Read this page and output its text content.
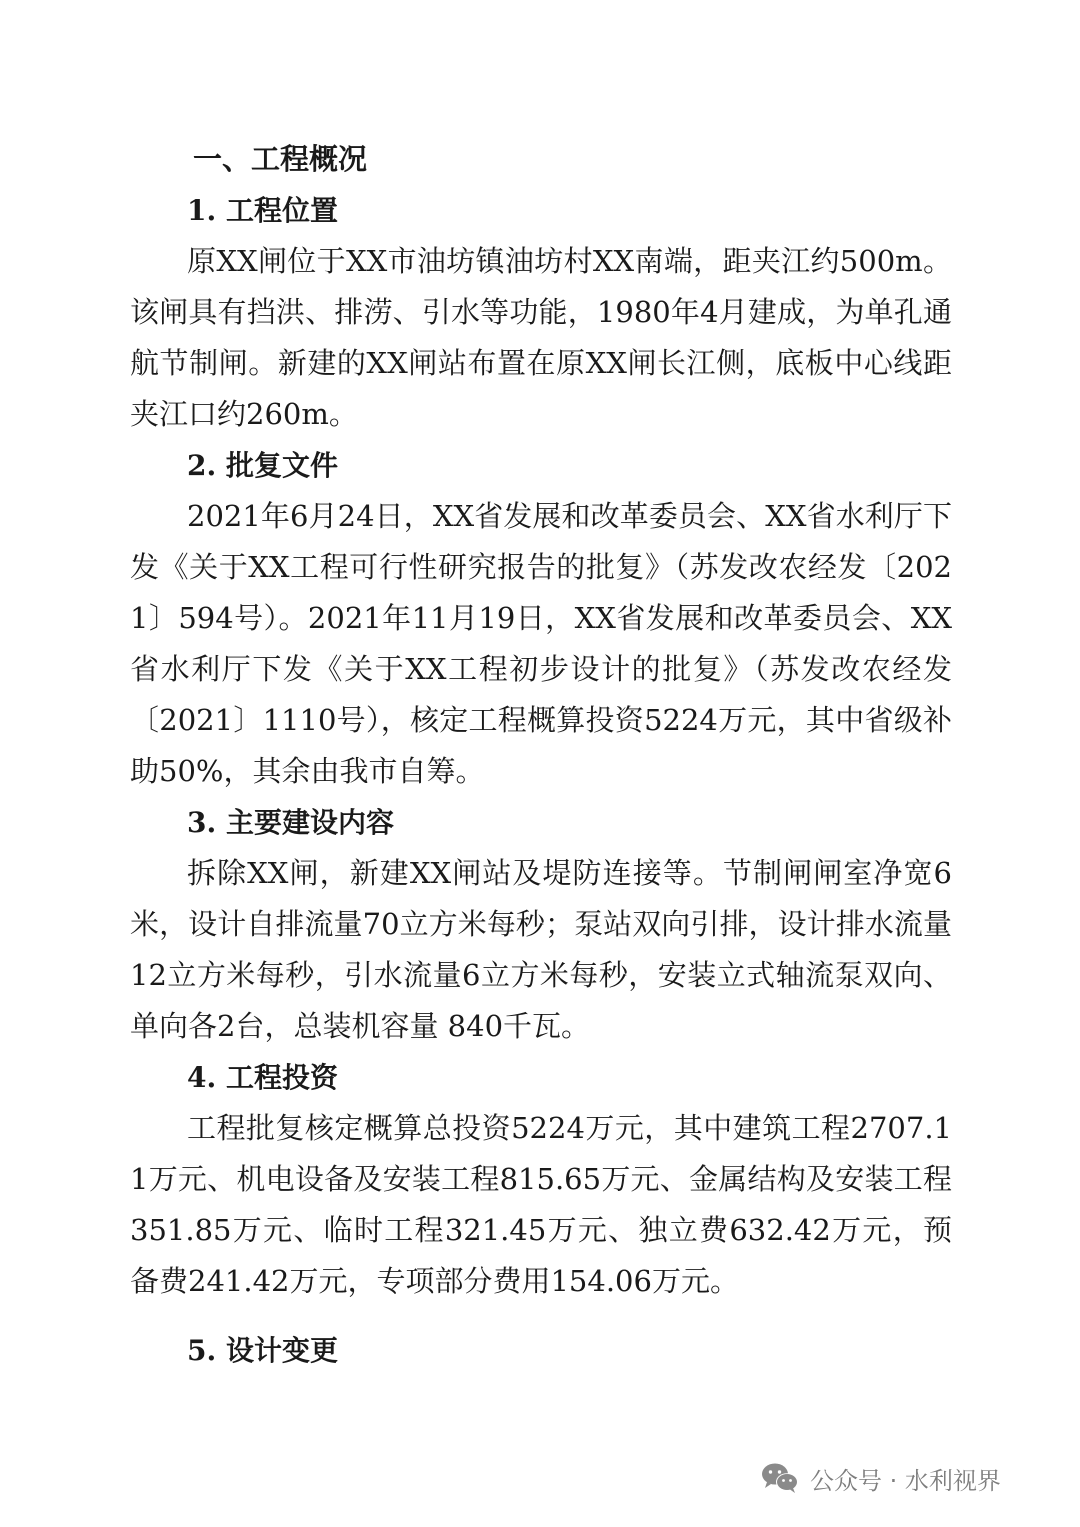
一、工程概况
1. 工程位置

原XX闸位于XX市油坊镇油坊村XX南端，距夹江约500m。该闸具有挡洪、排涝、引水等功能，1980年4月建成，为单孔通航节制闸。新建的XX闸站布置在原XX闸长江侧，底板中心线距夹江口约260m。

2. 批复文件

2021年6月24日，XX省发展和改革委员会、XX省水利厅下发《关于XX工程可行性研究报告的批复》（苏发改农经发〔2021〕594号）。2021年11月19日，XX省发展和改革委员会、XX省水利厅下发《关于XX工程初步设计的批复》（苏发改农经发〔2021〕1110号），核定工程概算投资5224万元，其中省级补助50%，其余由我市自筹。

3. 主要建设内容

拆除XX闸，新建XX闸站及堤防连接等。节制闸闸室净宽6米，设计自排流量70立方米每秒；泵站双向引排，设计排水流量12立方米每秒，引水流量6立方米每秒，安装立式轴流泵双向、单向各2台，总装机容量 840千瓦。

4. 工程投资

工程批复核定概算总投资5224万元，其中建筑工程2707.11万元、机电设备及安装工程815.65万元、金属结构及安装工程351.85万元、临时工程321.45万元、独立费632.42万元，预备费241.42万元，专项部分费用154.06万元。

5. 设计变更
公众号 · 水利视界
